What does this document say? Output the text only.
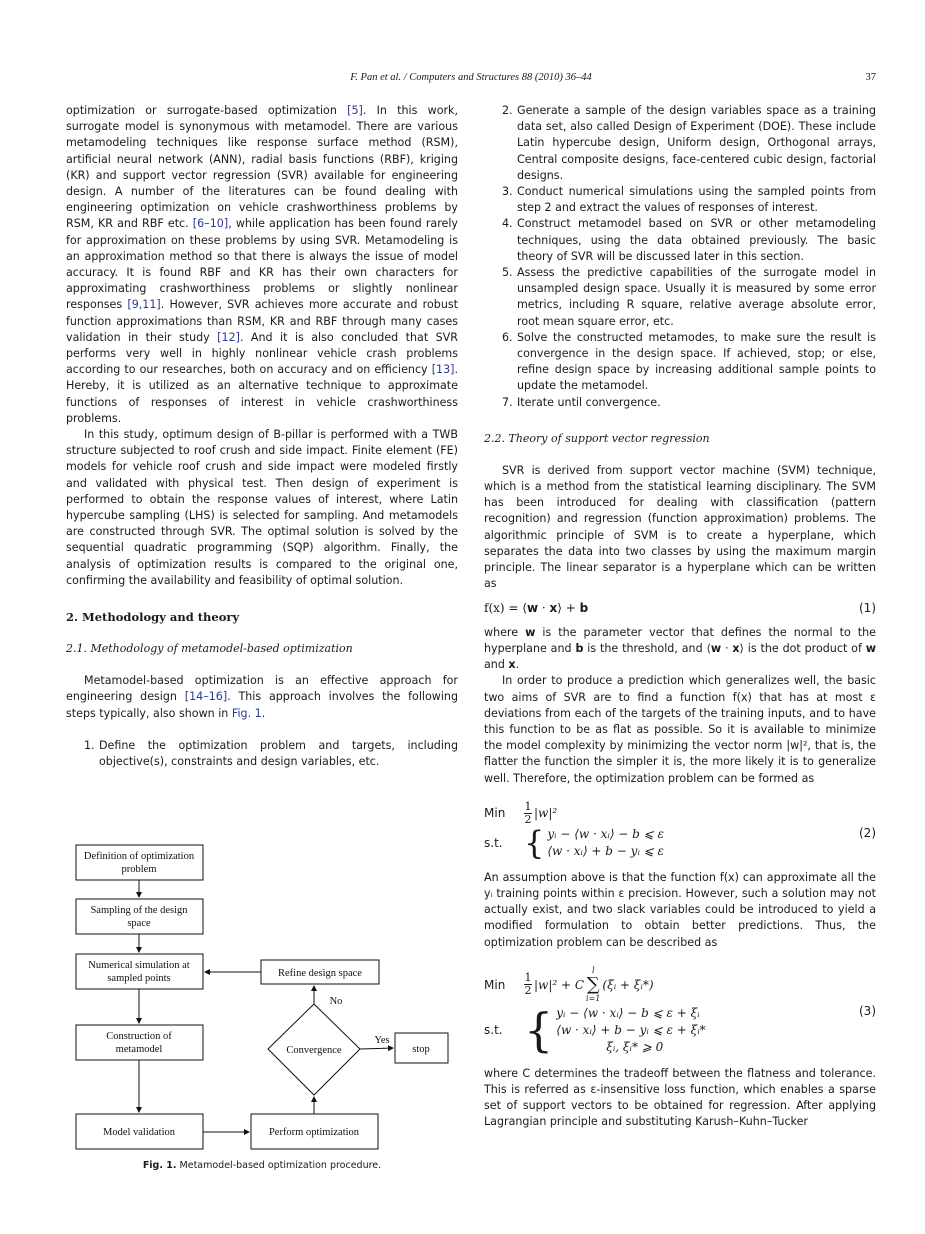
F. Pan et al. / Computers and Structures 88 (2010) 36–44	37

optimization or surrogate-based optimization [5]. In this work, surrogate model is synonymous with metamodel. There are various metamodeling techniques like response surface method (RSM), artificial neural network (ANN), radial basis functions (RBF), kriging (KR) and support vector regression (SVR) available for engineering design. A number of the literatures can be found dealing with engineering optimization on vehicle crashworthiness problems by RSM, KR and RBF etc. [6–10], while application has been found rarely for approximation on these problems by using SVR. Metamodeling is an approximation method so that there is always the issue of model accuracy. It is found RBF and KR has their own characters for approximating crashworthiness problems or slightly nonlinear responses [9,11]. However, SVR achieves more accurate and robust function approximations than RSM, KR and RBF through many cases validation in their study [12]. And it is also concluded that SVR performs very well in highly nonlinear vehicle crash problems according to our researches, both on accuracy and on efficiency [13]. Hereby, it is utilized as an alternative technique to approximate functions of responses of interest in vehicle crashworthiness problems.

In this study, optimum design of B-pillar is performed with a TWB structure subjected to roof crush and side impact. Finite element (FE) models for vehicle roof crush and side impact were modeled firstly and validated with physical test. Then design of experiment is performed to obtain the response values of interest, where Latin hypercube sampling (LHS) is selected for sampling. And metamodels are constructed through SVR. The optimal solution is solved by the sequential quadratic programming (SQP) algorithm. Finally, the analysis of optimization results is compared to the original one, confirming the availability and feasibility of optimal solution.

2. Methodology and theory
2.1. Methodology of metamodel-based optimization

Metamodel-based optimization is an effective approach for engineering design [14–16]. This approach involves the following steps typically, also shown in Fig. 1.

1. Define the optimization problem and targets, including objective(s), constraints and design variables, etc.
Definition of optimization
problem
Sampling of the design
space
Numerical simulation at
sampled points
Construction of
metamodel
Model validation	Perform optimization
Convergence
Refine design space
stop
No
Yes
Fig. 1. Metamodel-based optimization procedure.
2. Generate a sample of the design variables space as a training data set, also called Design of Experiment (DOE). These include Latin hypercube design, Uniform design, Orthogonal arrays, Central composite designs, face-centered cubic design, factorial designs.
3. Conduct numerical simulations using the sampled points from step 2 and extract the values of responses of interest.
4. Construct metamodel based on SVR or other metamodeling techniques, using the data obtained previously. The basic theory of SVR will be discussed later in this section.
5. Assess the predictive capabilities of the surrogate model in unsampled design space. Usually it is measured by some error metrics, including R square, relative average absolute error, root mean square error, etc.
6. Solve the constructed metamodes, to make sure the result is convergence in the design space. If achieved, stop; or else, refine design space by increasing additional sample points to update the metamodel.
7. Iterate until convergence.
2.2. Theory of support vector regression

SVR is derived from support vector machine (SVM) technique, which is a method from the statistical learning disciplinary. The SVM has been introduced for dealing with classification (pattern recognition) and regression (function approximation) problems. The algorithmic principle of SVM is to create a hyperplane, which separates the data into two classes by using the maximum margin principle. The linear separator is a hyperplane which can be written as

f(x) = ⟨w · x⟩ + b	(1)

where w is the parameter vector that defines the normal to the hyperplane and b is the threshold, and ⟨w · x⟩ is the dot product of w and x.

In order to produce a prediction which generalizes well, the basic two aims of SVR are to find a function f(x) that has at most ε deviations from each of the targets of the training inputs, and to have this function to be as flat as possible. So it is available to minimize the model complexity by minimizing the vector norm |w|², that is, the flatter the function the simpler it is, the more likely it is to generalize well. Therefore, the optimization problem can be formed as

Min	$\frac{1}{2} |w|^2$
s.t. { yᵢ − ⟨w · xᵢ⟩ − b ⩽ ε
⟨w · xᵢ⟩ + b − yᵢ ⩽ ε
(2)

An assumption above is that the function f(x) can approximate all the yᵢ training points within ε precision. However, such a solution may not actually exist, and two slack variables could be introduced to yield a modified formulation to obtain better predictions. Thus, the optimization problem can be described as

Min	$\frac{1}{2} |w|^2 + C$
l
∑
i=1
(ξᵢ + ξᵢ*)
s.t. { yᵢ − ⟨w · xᵢ⟩ − b ⩽ ε + ξᵢ
⟨w · xᵢ⟩ + b − yᵢ ⩽ ε + ξᵢ*
ξᵢ, ξᵢ* ⩾ 0
(3)

where C determines the tradeoff between the flatness and tolerance. This is referred as ε-insensitive loss function, which enables a sparse set of support vectors to be obtained for regression. After applying Lagrangian principle and substituting Karush–Kuhn–Tucker
